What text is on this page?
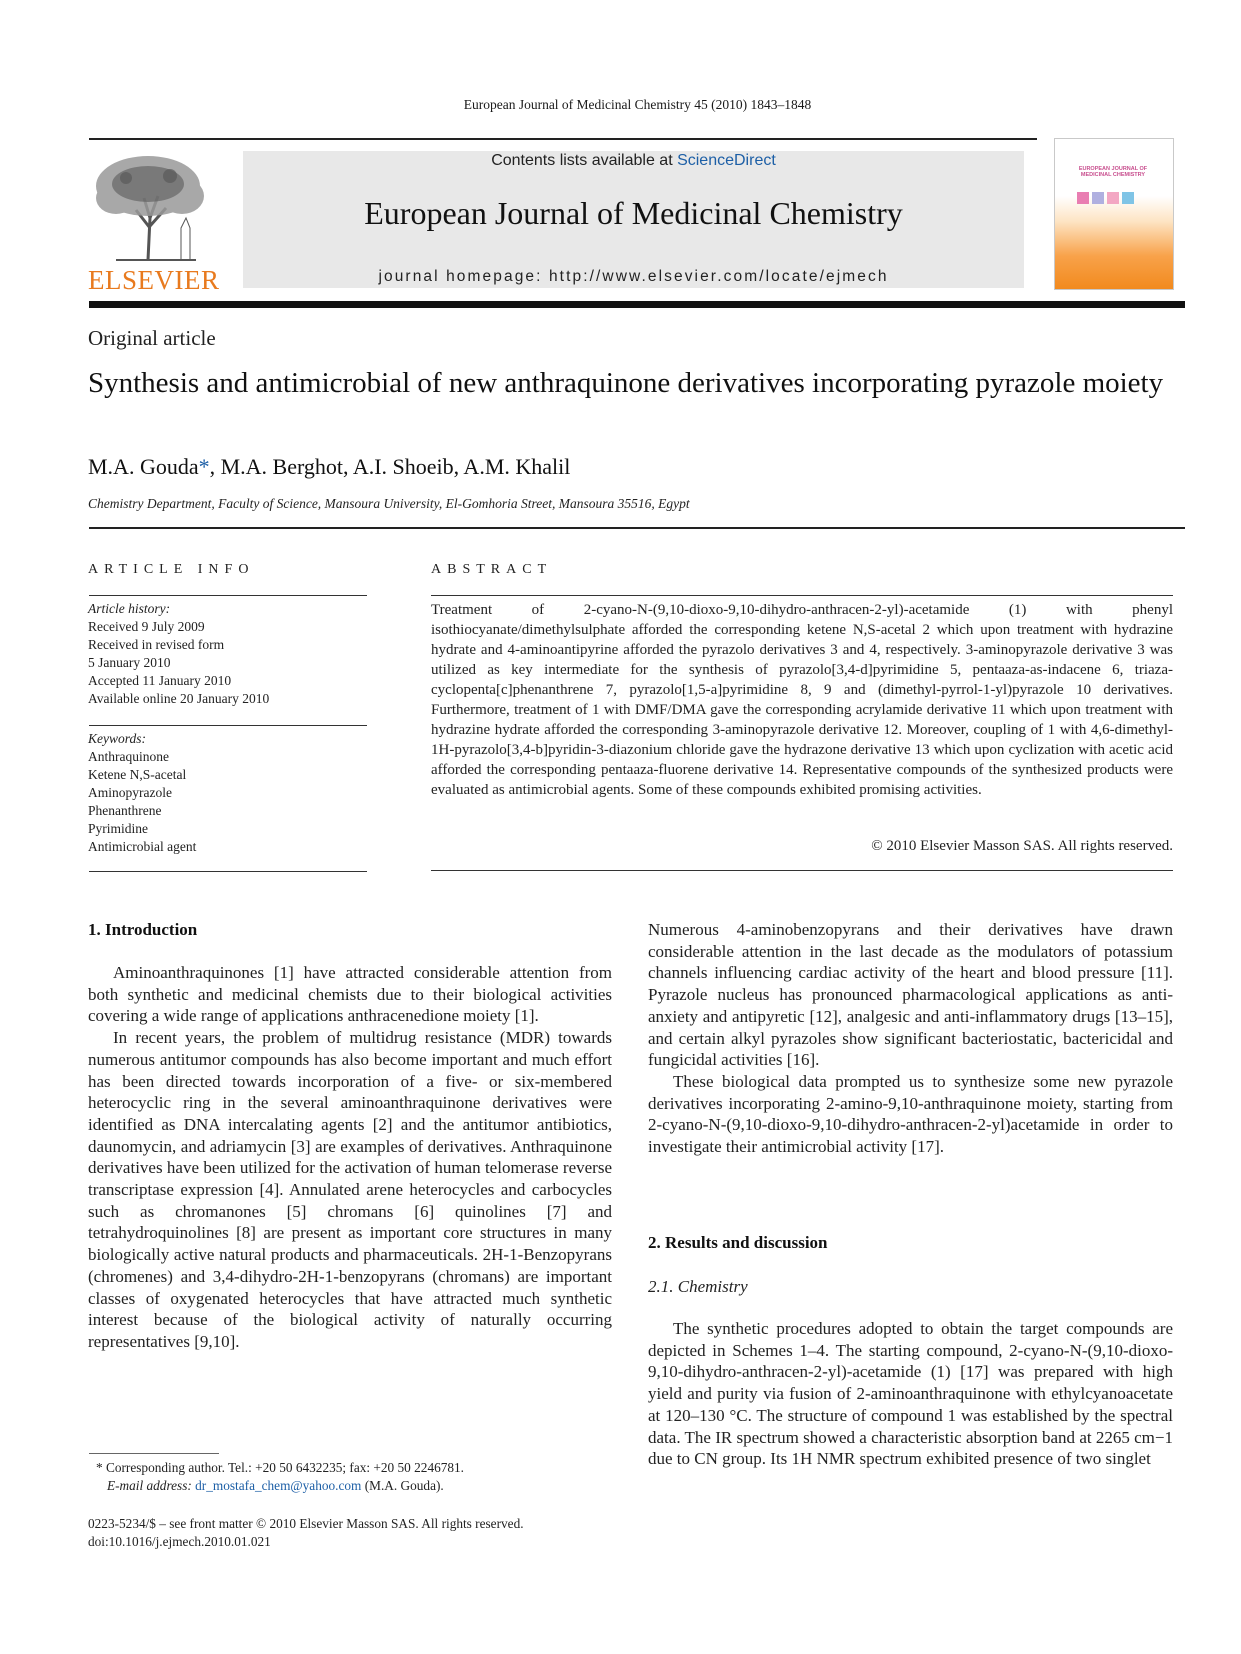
European Journal of Medicinal Chemistry 45 (2010) 1843–1848
ELSEVIER
Contents lists available at ScienceDirect
European Journal of Medicinal Chemistry
journal homepage: http://www.elsevier.com/locate/ejmech
EUROPEAN JOURNAL OF MEDICINAL CHEMISTRY
Original article
Synthesis and antimicrobial of new anthraquinone derivatives incorporating pyrazole moiety
M.A. Gouda*, M.A. Berghot, A.I. Shoeib, A.M. Khalil
Chemistry Department, Faculty of Science, Mansoura University, El-Gomhoria Street, Mansoura 35516, Egypt
ARTICLE INFO	ABSTRACT
Article history:
Received 9 July 2009
Received in revised form
5 January 2010
Accepted 11 January 2010
Available online 20 January 2010
Keywords:
Anthraquinone
Ketene N,S-acetal
Aminopyrazole
Phenanthrene
Pyrimidine
Antimicrobial agent
Treatment of 2-cyano-N-(9,10-dioxo-9,10-dihydro-anthracen-2-yl)-acetamide (1) with phenyl isothiocyanate/dimethylsulphate afforded the corresponding ketene N,S-acetal 2 which upon treatment with hydrazine hydrate and 4-aminoantipyrine afforded the pyrazolo derivatives 3 and 4, respectively. 3-aminopyrazole derivative 3 was utilized as key intermediate for the synthesis of pyrazolo[3,4-d]pyrimidine 5, pentaaza-as-indacene 6, triaza-cyclopenta[c]phenanthrene 7, pyrazolo[1,5-a]pyrimidine 8, 9 and (dimethyl-pyrrol-1-yl)pyrazole 10 derivatives. Furthermore, treatment of 1 with DMF/DMA gave the corresponding acrylamide derivative 11 which upon treatment with hydrazine hydrate afforded the corresponding 3-aminopyrazole derivative 12. Moreover, coupling of 1 with 4,6-dimethyl-1H-pyrazolo[3,4-b]pyridin-3-diazonium chloride gave the hydrazone derivative 13 which upon cyclization with acetic acid afforded the corresponding pentaaza-fluorene derivative 14. Representative compounds of the synthesized products were evaluated as antimicrobial agents. Some of these compounds exhibited promising activities.
© 2010 Elsevier Masson SAS. All rights reserved.
1. Introduction

Aminoanthraquinones [1] have attracted considerable attention from both synthetic and medicinal chemists due to their biological activities covering a wide range of applications anthracenedione moiety [1].

In recent years, the problem of multidrug resistance (MDR) towards numerous antitumor compounds has also become important and much effort has been directed towards incorporation of a five- or six-membered heterocyclic ring in the several aminoanthraquinone derivatives were identified as DNA intercalating agents [2] and the antitumor antibiotics, daunomycin, and adriamycin [3] are examples of derivatives. Anthraquinone derivatives have been utilized for the activation of human telomerase reverse transcriptase expression [4]. Annulated arene heterocycles and carbocycles such as chromanones [5] chromans [6] quinolines [7] and tetrahydroquinolines [8] are present as important core structures in many biologically active natural products and pharmaceuticals. 2H-1-Benzopyrans (chromenes) and 3,4-dihydro-2H-1-benzopyrans (chromans) are important classes of oxygenated heterocycles that have attracted much synthetic interest because of the biological activity of naturally occurring representatives [9,10].

Numerous 4-aminobenzopyrans and their derivatives have drawn considerable attention in the last decade as the modulators of potassium channels influencing cardiac activity of the heart and blood pressure [11]. Pyrazole nucleus has pronounced pharmacological applications as anti-anxiety and antipyretic [12], analgesic and anti-inflammatory drugs [13–15], and certain alkyl pyrazoles show significant bacteriostatic, bactericidal and fungicidal activities [16].

These biological data prompted us to synthesize some new pyrazole derivatives incorporating 2-amino-9,10-anthraquinone moiety, starting from 2-cyano-N-(9,10-dioxo-9,10-dihydro-anthracen-2-yl)acetamide in order to investigate their antimicrobial activity [17].

2. Results and discussion
2.1. Chemistry

The synthetic procedures adopted to obtain the target compounds are depicted in Schemes 1–4. The starting compound, 2-cyano-N-(9,10-dioxo-9,10-dihydro-anthracen-2-yl)-acetamide (1) [17] was prepared with high yield and purity via fusion of 2-aminoanthraquinone with ethylcyanoacetate at 120–130 °C. The structure of compound 1 was established by the spectral data. The IR spectrum showed a characteristic absorption band at 2265 cm−1 due to CN group. Its 1H NMR spectrum exhibited presence of two singlet

* Corresponding author. Tel.: +20 50 6432235; fax: +20 50 2246781.
E-mail address: dr_mostafa_chem@yahoo.com (M.A. Gouda).
0223-5234/$ – see front matter © 2010 Elsevier Masson SAS. All rights reserved.
doi:10.1016/j.ejmech.2010.01.021
